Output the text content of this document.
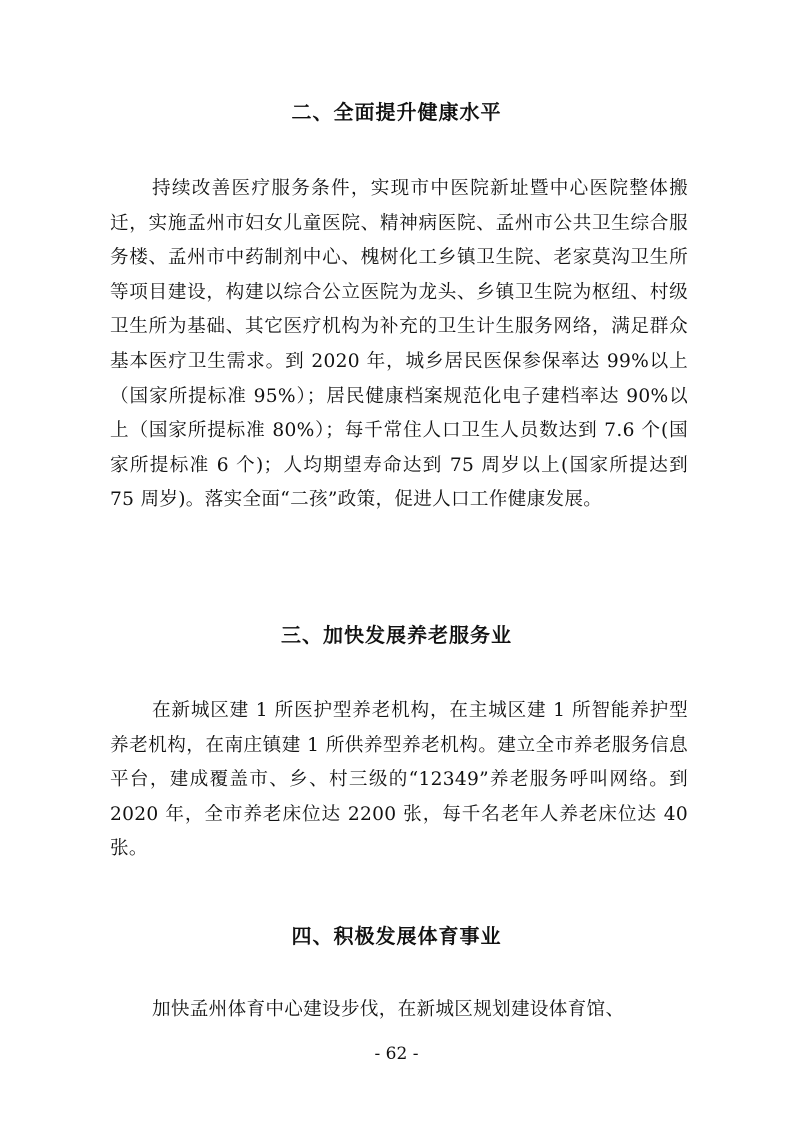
二、全面提升健康水平
持续改善医疗服务条件，实现市中医院新址暨中心医院整体搬迁，实施孟州市妇女儿童医院、精神病医院、孟州市公共卫生综合服务楼、孟州市中药制剂中心、槐树化工乡镇卫生院、老家莫沟卫生所等项目建设，构建以综合公立医院为龙头、乡镇卫生院为枢纽、村级卫生所为基础、其它医疗机构为补充的卫生计生服务网络，满足群众基本医疗卫生需求。到 2020 年，城乡居民医保参保率达 99%以上（国家所提标准 95%）；居民健康档案规范化电子建档率达 90%以上（国家所提标准 80%）；每千常住人口卫生人员数达到 7.6 个(国家所提标准 6 个)；人均期望寿命达到 75 周岁以上(国家所提达到 75 周岁)。落实全面“二孩”政策，促进人口工作健康发展。
三、加快发展养老服务业
在新城区建 1 所医护型养老机构，在主城区建 1 所智能养护型养老机构，在南庄镇建 1 所供养型养老机构。建立全市养老服务信息平台，建成覆盖市、乡、村三级的“12349”养老服务呼叫网络。到 2020 年，全市养老床位达 2200 张，每千名老年人养老床位达 40 张。
四、积极发展体育事业
加快孟州体育中心建设步伐，在新城区规划建设体育馆、
- 62 -
